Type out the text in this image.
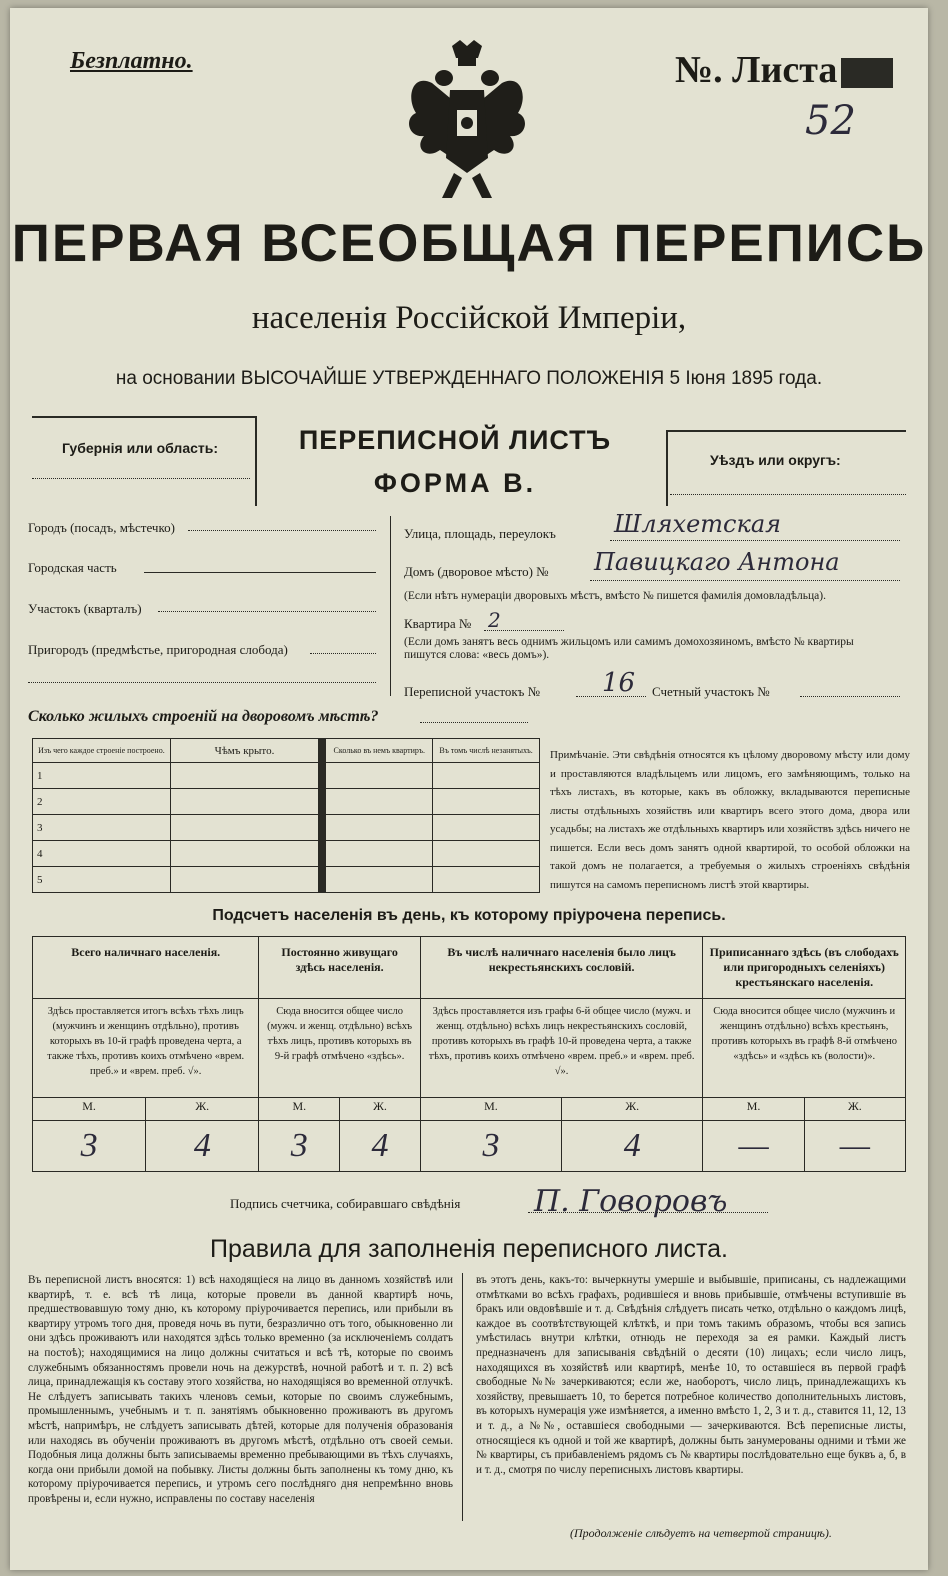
Безплатно.	№. Листа
52
ПЕРВАЯ ВСЕОБЩАЯ ПЕРЕПИСЬ
населенія Россійской Имперіи,
на основании ВЫСОЧАЙШЕ УТВЕРЖДЕННАГО ПОЛОЖЕНІЯ 5 Іюня 1895 года.
Губернія или область:	ПЕРЕПИСНОЙ ЛИСТЪ
ФОРМА В.
Уѣздъ или округъ:
Городъ (посадъ, мѣстечко)
Городская часть
Участокъ (кварталъ)
Пригородъ (предмѣстье, пригородная слобода)
Улица, площадь, переулокъ Шляхетская
Домъ (дворовое мѣсто) № Павицкаго Антона
(Если нѣтъ нумераціи дворовыхъ мѣстъ, вмѣсто № пишется фамилія домовладѣльца).
Квартира № 2
(Если домъ занятъ весь однимъ жильцомъ или самимъ домохозяиномъ, вмѣсто № квартиры пишутся слова: «весь домъ»).
Переписной участокъ № 16 Счетный участокъ №
Сколько жилыхъ строеній на дворовомъ мѣстѣ?
Изъ чего каждое строеніе построено.	Чѣмъ крыто.		Сколько въ немъ квартиръ.	Въ томъ числѣ незанятыхъ.
1				
2				
3				
4				
5				
Примѣчаніе. Эти свѣдѣнія относятся къ цѣлому дворовому мѣсту или дому и проставляются владѣльцемъ или лицомъ, его замѣняющимъ, только на тѣхъ листахъ, въ которые, какъ въ обложку, вкладываются переписные листы отдѣльныхъ хозяйствъ или квартиръ всего этого дома, двора или усадьбы; на листахъ же отдѣльныхъ квартиръ или хозяйствъ здѣсь ничего не пишется. Если весь домъ занятъ одной квартирой, то особой обложки на такой домъ не полагается, а требуемыя о жилыхъ строеніяхъ свѣдѣнія пишутся на самомъ переписномъ листѣ этой квартиры.
Подсчетъ населенія въ день, къ которому пріурочена перепись.
Всего наличнаго населенія.		Постоянно живущаго здѣсь населенія.		Въ числѣ наличнаго населенія было лицъ некрестьянскихъ сословій.		Приписаннаго здѣсь (въ слободахъ или пригородныхъ селеніяхъ) крестьянскаго населенія.	
Здѣсь проставляется итогъ всѣхъ тѣхъ лицъ (мужчинъ и женщинъ отдѣльно), противъ которыхъ въ 10-й графѣ проведена черта, а также тѣхъ, противъ коихъ отмѣчено «врем. преб.» и «врем. преб. √».		Сюда вносится общее число (мужч. и женщ. отдѣльно) всѣхъ тѣхъ лицъ, противъ которыхъ въ 9-й графѣ отмѣчено «здѣсь».		Здѣсь проставляется изъ графы 6-й общее число (мужч. и женщ. отдѣльно) всѣхъ лицъ некрестьянскихъ сословій, противъ которыхъ въ графѣ 10-й проведена черта, а также тѣхъ, противъ коихъ отмѣчено «врем. преб.» и «врем. преб. √».		Сюда вносится общее число (мужчинъ и женщинъ отдѣльно) всѣхъ крестьянъ, противъ которыхъ въ графѣ 8-й отмѣчено «здѣсь» и «здѣсь къ (волости)».	
М.	Ж.	М.	Ж.	М.	Ж.	М.	Ж.
3	4	3	4	3	4	—	—
Подпись счетчика, собиравшаго свѣдѣнія П. Говоровъ
Правила для заполненія переписного листа.
Въ переписной листъ вносятся: 1) всѣ находящіеся на лицо въ данномъ хозяйствѣ или квартирѣ, т. е. всѣ тѣ лица, которые провели въ данной квартирѣ ночь, предшествовавшую тому дню, къ которому пріурочивается перепись, или прибыли въ квартиру утромъ того дня, проведя ночь въ пути, безразлично отъ того, обыкновенно ли они здѣсь проживаютъ или находятся здѣсь только временно (за исключеніемъ солдатъ на постоѣ); находящимися на лицо должны считаться и всѣ тѣ, которые по своимъ служебнымъ обязанностямъ провели ночь на дежурствѣ, ночной работѣ и т. п. 2) всѣ лица, принадлежащія къ составу этого хозяйства, но находящіяся во временной отлучкѣ. Не слѣдуетъ записывать такихъ членовъ семьи, которые по своимъ служебнымъ, промышленнымъ, учебнымъ и т. п. занятіямъ обыкновенно проживаютъ въ другомъ мѣстѣ, напримѣръ, не слѣдуетъ записывать дѣтей, которые для полученія образованія или находясь въ обученіи проживаютъ въ другомъ мѣстѣ, отдѣльно отъ своей семьи. Подобныя лица должны быть записываемы временно пребывающими въ тѣхъ случаяхъ, когда они прибыли домой на побывку. Листы должны быть заполнены къ тому дню, къ которому пріурочивается перепись, и утромъ сего послѣдняго дня непремѣнно вновь провѣрены и, если нужно, исправлены по составу населенія
въ этотъ день, какъ-то: вычеркнуты умершіе и выбывшіе, приписаны, съ надлежащими отмѣтками во всѣхъ графахъ, родившіеся и вновь прибывшіе, отмѣчены вступившіе въ бракъ или овдовѣвшіе и т. д. Свѣдѣнія слѣдуетъ писать четко, отдѣльно о каждомъ лицѣ, каждое въ соотвѣтствующей клѣткѣ, и при томъ такимъ образомъ, чтобы вся запись умѣстилась внутри клѣтки, отнюдь не переходя за ея рамки. Каждый листъ предназначенъ для записыванія свѣдѣній о десяти (10) лицахъ; если число лицъ, находящихся въ хозяйствѣ или квартирѣ, менѣе 10, то оставшіеся въ первой графѣ свободные №№ зачеркиваются; если же, наоборотъ, число лицъ, принадлежащихъ къ хозяйству, превышаетъ 10, то берется потребное количество дополнительныхъ листовъ, въ которыхъ нумерація уже измѣняется, а именно вмѣсто 1, 2, 3 и т. д., ставится 11, 12, 13 и т. д., а №№, оставшіеся свободными — зачеркиваются. Всѣ переписные листы, относящіеся къ одной и той же квартирѣ, должны быть занумерованы одними и тѣми же № квартиры, съ прибавленіемъ рядомъ съ № квартиры послѣдовательно еще буквъ а, б, в и т. д., смотря по числу переписныхъ листовъ квартиры.
(Продолженіе слѣдуетъ на четвертой страницѣ).
